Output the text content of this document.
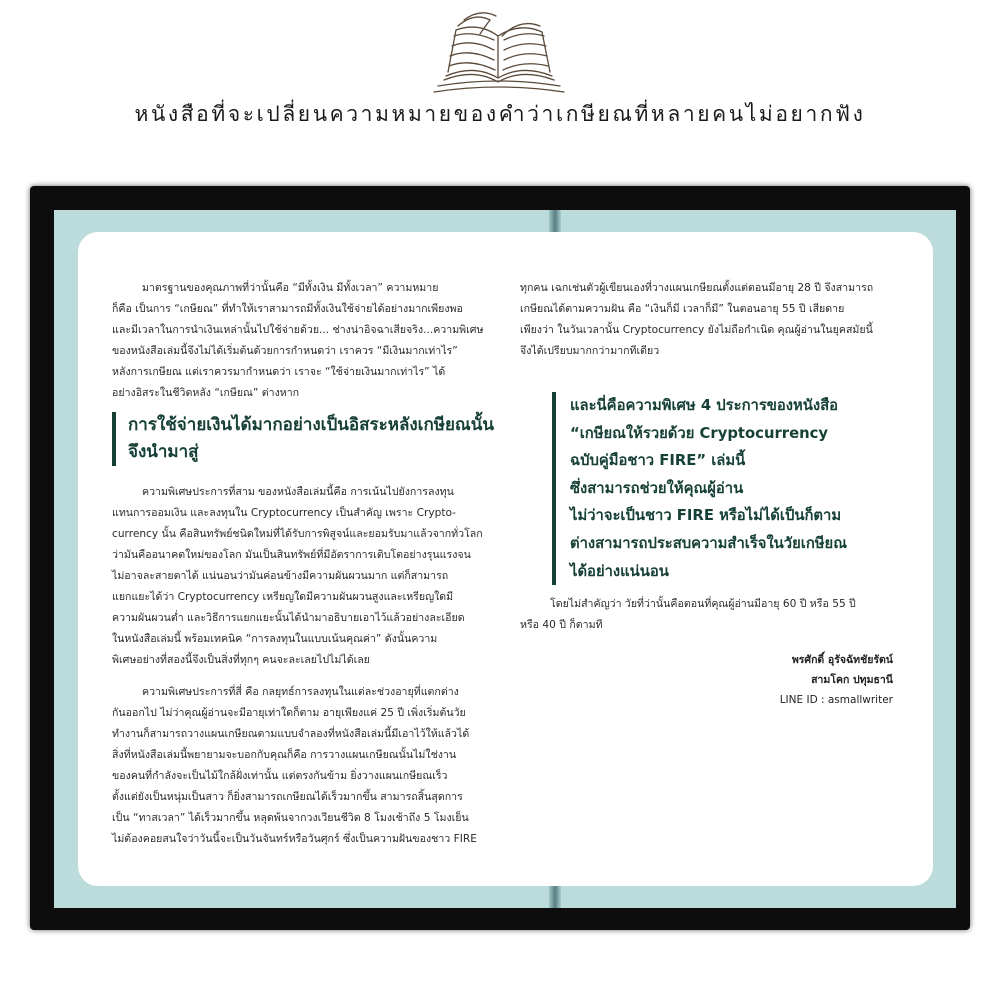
หนังสือที่จะเปลี่ยนความหมายของคำว่าเกษียณที่หลายคนไม่อยากฟัง
มาตรฐานของคุณภาพที่ว่านั้นคือ “มีทั้งเงิน มีทั้งเวลา” ความหมาย
ก็คือ เป็นการ “เกษียณ” ที่ทำให้เราสามารถมีทั้งเงินใช้จ่ายได้อย่างมากเพียงพอ
และมีเวลาในการนำเงินเหล่านั้นไปใช้จ่ายด้วย... ช่างน่าอิจฉาเสียจริง...ความพิเศษ
ของหนังสือเล่มนี้จึงไม่ได้เริ่มต้นด้วยการกำหนดว่า เราควร “มีเงินมากเท่าไร”
หลังการเกษียณ แต่เราควรมากำหนดว่า เราจะ “ใช้จ่ายเงินมากเท่าไร” ได้
อย่างอิสระในชีวิตหลัง “เกษียณ” ต่างหาก
การใช้จ่ายเงินได้มากอย่างเป็นอิสระหลังเกษียณนั้น
จึงนำมาสู่
ความพิเศษประการที่สาม ของหนังสือเล่มนี้คือ การเน้นไปยังการลงทุน
แทนการออมเงิน และลงทุนใน Cryptocurrency เป็นสำคัญ เพราะ Crypto-
currency นั้น คือสินทรัพย์ชนิดใหม่ที่ได้รับการพิสูจน์และยอมรับมาแล้วจากทั่วโลก
ว่ามันคืออนาคตใหม่ของโลก มันเป็นสินทรัพย์ที่มีอัตราการเติบโตอย่างรุนแรงจน
ไม่อาจละสายตาได้ แน่นอนว่ามันค่อนข้างมีความผันผวนมาก แต่ก็สามารถ
แยกแยะได้ว่า Cryptocurrency เหรียญใดมีความผันผวนสูงและเหรียญใดมี
ความผันผวนต่ำ และวิธีการแยกแยะนั้นได้นำมาอธิบายเอาไว้แล้วอย่างละเอียด
ในหนังสือเล่มนี้ พร้อมเทคนิค “การลงทุนในแบบเน้นคุณค่า” ดังนั้นความ
พิเศษอย่างที่สองนี้จึงเป็นสิ่งที่ทุกๆ คนจะละเลยไปไม่ได้เลย
ความพิเศษประการที่สี่ คือ กลยุทธ์การลงทุนในแต่ละช่วงอายุที่แตกต่าง
กันออกไป ไม่ว่าคุณผู้อ่านจะมีอายุเท่าใดก็ตาม อายุเพียงแค่ 25 ปี เพิ่งเริ่มต้นวัย
ทำงานก็สามารถวางแผนเกษียณตามแบบจำลองที่หนังสือเล่มนี้มีเอาไว้ให้แล้วได้
สิ่งที่หนังสือเล่มนี้พยายามจะบอกกับคุณก็คือ การวางแผนเกษียณนั้นไม่ใช่งาน
ของคนที่กำลังจะเป็นไม้ใกล้ฝั่งเท่านั้น แต่ตรงกันข้าม ยิ่งวางแผนเกษียณเร็ว
ตั้งแต่ยังเป็นหนุ่มเป็นสาว ก็ยิ่งสามารถเกษียณได้เร็วมากขึ้น สามารถสิ้นสุดการ
เป็น “ทาสเวลา” ได้เร็วมากขึ้น หลุดพ้นจากวงเวียนชีวิต 8 โมงเช้าถึง 5 โมงเย็น
ไม่ต้องคอยสนใจว่าวันนี้จะเป็นวันจันทร์หรือวันศุกร์ ซึ่งเป็นความฝันของชาว FIRE
ทุกคน เฉกเช่นตัวผู้เขียนเองที่วางแผนเกษียณตั้งแต่ตอนมีอายุ 28 ปี จึงสามารถ
เกษียณได้ตามความฝัน คือ “เงินก็มี เวลาก็มี” ในตอนอายุ 55 ปี เสียดาย
เพียงว่า ในวันเวลานั้น Cryptocurrency ยังไม่ถือกำเนิด คุณผู้อ่านในยุคสมัยนี้
จึงได้เปรียบมากกว่ามากทีเดียว
และนี่คือความพิเศษ 4 ประการของหนังสือ
“เกษียณให้รวยด้วย Cryptocurrency
ฉบับคู่มือชาว FIRE” เล่มนี้
ซึ่งสามารถช่วยให้คุณผู้อ่าน
ไม่ว่าจะเป็นชาว FIRE หรือไม่ได้เป็นก็ตาม
ต่างสามารถประสบความสำเร็จในวัยเกษียณ
ได้อย่างแน่นอน
โดยไม่สำคัญว่า วัยที่ว่านั้นคือตอนที่คุณผู้อ่านมีอายุ 60 ปี หรือ 55 ปี
หรือ 40 ปี ก็ตามที
พรศักดิ์ อุรัจฉัทชัยรัตน์
สามโคก ปทุมธานี
LINE ID : asmallwriter
